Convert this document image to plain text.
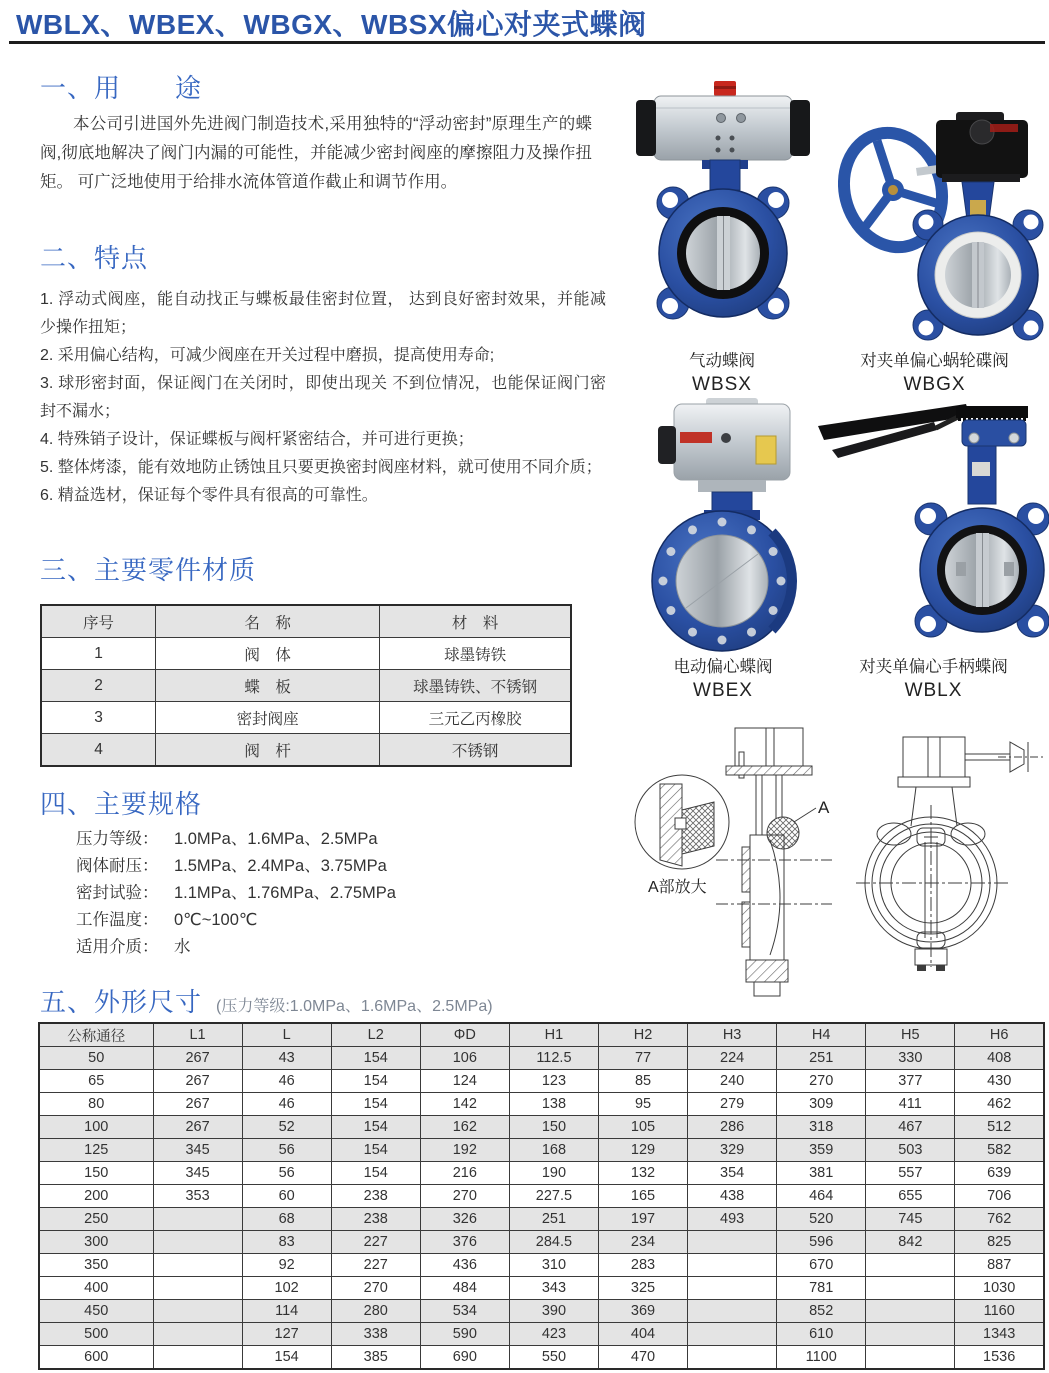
WBLX、WBEX、WBGX、WBSX偏心对夹式蝶阀
一、用　　途
本公司引进国外先进阀门制造技术,采用独特的“浮动密封”原理生产的蝶阀,彻底地解决了阀门内漏的可能性，并能减少密封阀座的摩擦阻力及操作扭矩。 可广泛地使用于给排水流体管道作截止和调节作用。
二、特点
1. 浮动式阀座，能自动找正与蝶板最佳密封位置， 达到良好密封效果，并能减少操作扭矩；
2. 采用偏心结构，可减少阀座在开关过程中磨损，提高使用寿命;
3. 球形密封面，保证阀门在关闭时，即使出现关 不到位情况，也能保证阀门密封不漏水；
4. 特殊销子设计，保证蝶板与阀杆紧密结合，并可进行更换；
5. 整体烤漆，能有效地防止锈蚀且只要更换密封阀座材料，就可使用不同介质；
6. 精益选材，保证每个零件具有很高的可靠性。
三、主要零件材质
序号	名　称	材　料
1	阀　体	球墨铸铁
2	蝶　板	球墨铸铁、不锈钢
3	密封阀座	三元乙丙橡胶
4	阀　杆	不锈钢
四、主要规格
压力等级： 1.0MPa、1.6MPa、2.5MPa
阀体耐压： 1.5MPa、2.4MPa、3.75MPa
密封试验： 1.1MPa、1.76MPa、2.75MPa
工作温度： 0℃~100℃
适用介质： 水
五、外形尺寸 (压力等级:1.0MPa、1.6MPa、2.5MPa)
公称通径	L1	L	L2	ΦD	H1	H2	H3	H4	H5	H6
50	267	43	154	106	112.5	77	224	251	330	408
65	267	46	154	124	123	85	240	270	377	430
80	267	46	154	142	138	95	279	309	411	462
100	267	52	154	162	150	105	286	318	467	512
125	345	56	154	192	168	129	329	359	503	582
150	345	56	154	216	190	132	354	381	557	639
200	353	60	238	270	227.5	165	438	464	655	706
250		68	238	326	251	197	493	520	745	762
300		83	227	376	284.5	234		596	842	825
350		92	227	436	310	283		670		887
400		102	270	484	343	325		781		1030
450		114	280	534	390	369		852		1160
500		127	338	590	423	404		610		1343
600		154	385	690	550	470		1100		1536
气动蝶阀
WBSX
对夹单偏心蜗轮碟阀
WBGX
电动偏心蝶阀
WBEX
对夹单偏心手柄蝶阀
WBLX
A部放大
A
